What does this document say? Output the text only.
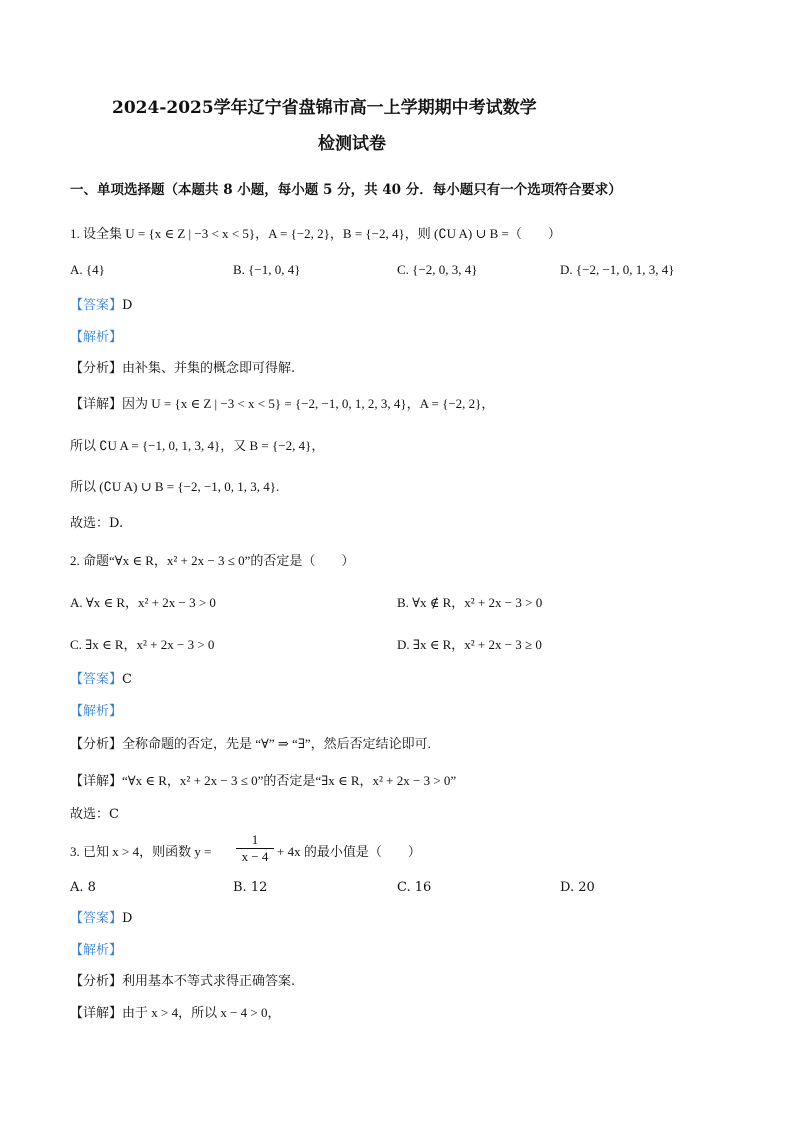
2024-2025学年辽宁省盘锦市高一上学期期中考试数学
检测试卷
一、单项选择题（本题共 8 小题，每小题 5 分，共 40 分．每小题只有一个选项符合要求）
1. 设全集 U = {x ∈ Z | −3 < x < 5}，A = {−2, 2}，B = {−2, 4}，则 (∁U A) ∪ B =（　　）
A. {4}	B. {−1, 0, 4}	C. {−2, 0, 3, 4}	D. {−2, −1, 0, 1, 3, 4}
【答案】D
【解析】
【分析】由补集、并集的概念即可得解.
【详解】因为 U = {x ∈ Z | −3 < x < 5} = {−2, −1, 0, 1, 2, 3, 4}，A = {−2, 2}，
所以 ∁U A = {−1, 0, 1, 3, 4}，又 B = {−2, 4}，
所以 (∁U A) ∪ B = {−2, −1, 0, 1, 3, 4}.
故选：D.
2. 命题“∀x ∈ R，x² + 2x − 3 ≤ 0”的否定是（　　）
A. ∀x ∈ R，x² + 2x − 3 > 0	B. ∀x ∉ R，x² + 2x − 3 > 0
C. ∃x ∈ R，x² + 2x − 3 > 0	D. ∃x ∈ R，x² + 2x − 3 ≥ 0
【答案】C
【解析】
【分析】全称命题的否定，先是 “∀” ⇒ “∃”，然后否定结论即可.
【详解】“∀x ∈ R，x² + 2x − 3 ≤ 0”的否定是“∃x ∈ R，x² + 2x − 3 > 0”
故选：C
3. 已知 x > 4，则函数 y =
1
x − 4 + 4x 的最小值是（　　）
A. 8	B. 12	C. 16	D. 20
【答案】D
【解析】
【分析】利用基本不等式求得正确答案.
【详解】由于 x > 4，所以 x − 4 > 0，
